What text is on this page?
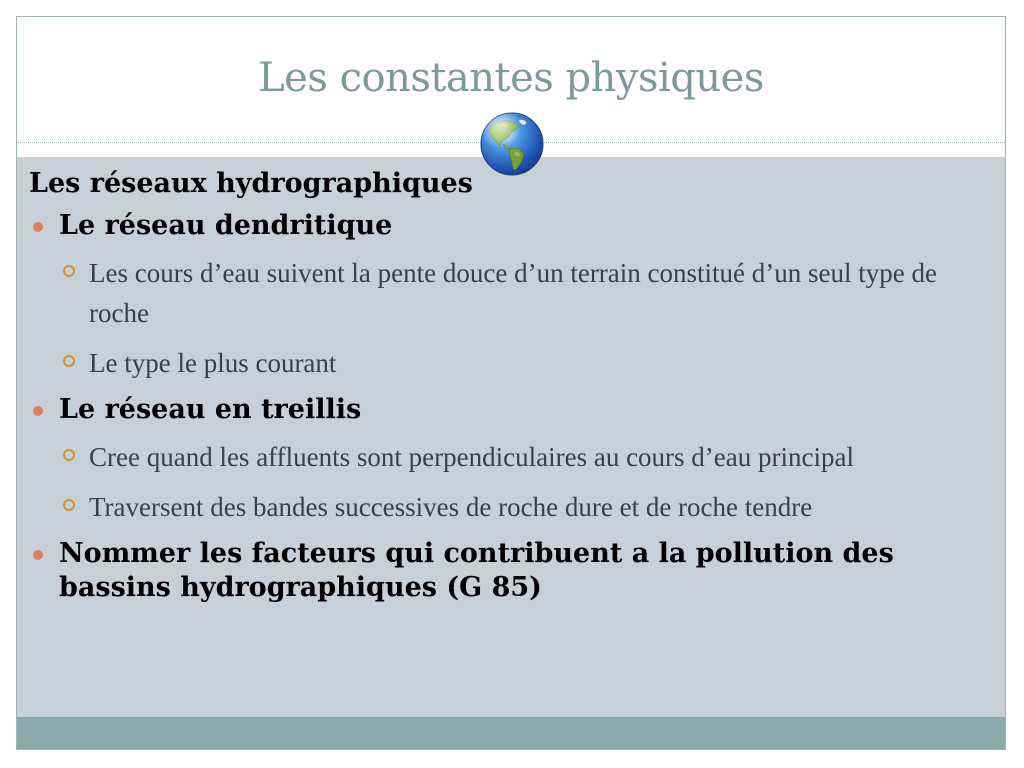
Les constantes physiques
Les réseaux hydrographiques
Le réseau dendritique
Les cours d’eau suivent la pente douce d’un terrain constitué d’un seul type de roche
Le type le plus courant
Le réseau en treillis
Cree quand les affluents sont perpendiculaires au cours d’eau principal
Traversent des bandes successives de roche dure et de roche tendre
Nommer les facteurs qui contribuent a la pollution des bassins hydrographiques (G 85)
